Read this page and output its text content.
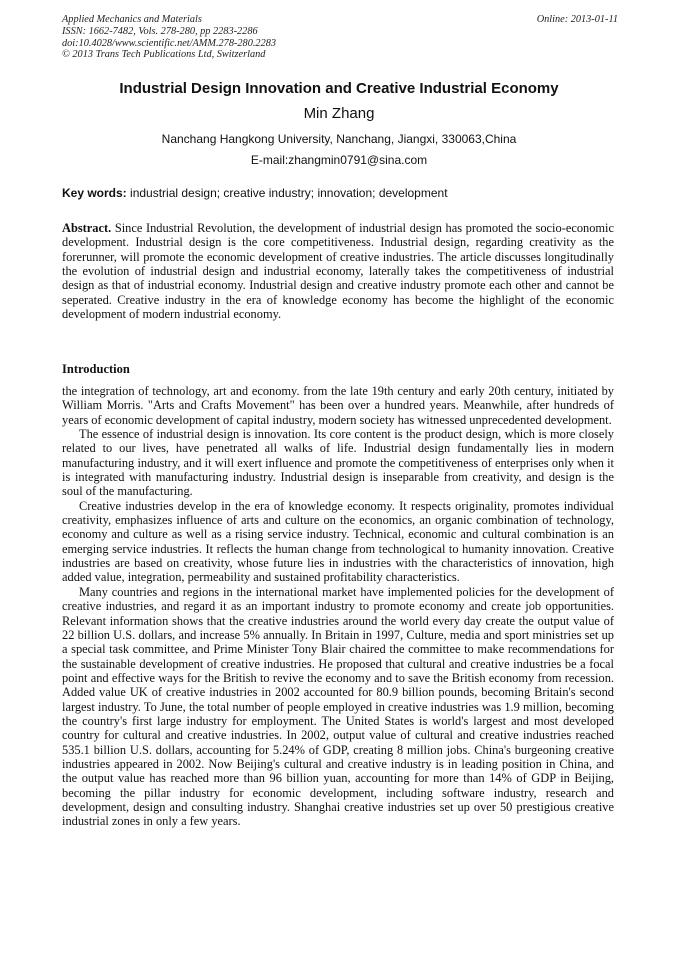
Applied Mechanics and Materials
ISSN: 1662-7482, Vols. 278-280, pp 2283-2286
doi:10.4028/www.scientific.net/AMM.278-280.2283
© 2013 Trans Tech Publications Ltd, Switzerland
Online: 2013-01-11
Industrial Design Innovation and Creative Industrial Economy
Min Zhang
Nanchang Hangkong University, Nanchang, Jiangxi, 330063,China
E-mail:zhangmin0791@sina.com
Key words: industrial design; creative industry; innovation; development
Abstract. Since Industrial Revolution, the development of industrial design has promoted the socio-economic development. Industrial design is the core competitiveness. Industrial design, regarding creativity as the forerunner, will promote the economic development of creative industries. The article discusses longitudinally the evolution of industrial design and industrial economy, laterally takes the competitiveness of industrial design as that of industrial economy. Industrial design and creative industry promote each other and cannot be seperated. Creative industry in the era of knowledge economy has become the highlight of the economic development of modern industrial economy.
Introduction

the integration of technology, art and economy. from the late 19th century and early 20th century, initiated by William Morris. "Arts and Crafts Movement" has been over a hundred years. Meanwhile, after hundreds of years of economic development of capital industry, modern society has witnessed unprecedented development.

The essence of industrial design is innovation. Its core content is the product design, which is more closely related to our lives, have penetrated all walks of life. Industrial design fundamentally lies in modern manufacturing industry, and it will exert influence and promote the competitiveness of enterprises only when it is integrated with manufacturing industry. Industrial design is inseparable from creativity, and design is the soul of the manufacturing.

Creative industries develop in the era of knowledge economy. It respects originality, promotes individual creativity, emphasizes influence of arts and culture on the economics, an organic combination of technology, economy and culture as well as a rising service industry. Technical, economic and cultural combination is an emerging service industries. It reflects the human change from technological to humanity innovation. Creative industries are based on creativity, whose future lies in industries with the characteristics of innovation, high added value, integration, permeability and sustained profitability characteristics.

Many countries and regions in the international market have implemented policies for the development of creative industries, and regard it as an important industry to promote economy and create job opportunities. Relevant information shows that the creative industries around the world every day create the output value of 22 billion U.S. dollars, and increase 5% annually. In Britain in 1997, Culture, media and sport ministries set up a special task committee, and Prime Minister Tony Blair chaired the committee to make recommendations for the sustainable development of creative industries. He proposed that cultural and creative industries be a focal point and effective ways for the British to revive the economy and to save the British economy from recession. Added value UK of creative industries in 2002 accounted for 80.9 billion pounds, becoming Britain's second largest industry. To June, the total number of people employed in creative industries was 1.9 million, becoming the country's first large industry for employment. The United States is world's largest and most developed country for cultural and creative industries. In 2002, output value of cultural and creative industries reached 535.1 billion U.S. dollars, accounting for 5.24% of GDP, creating 8 million jobs. China's burgeoning creative industries appeared in 2002. Now Beijing's cultural and creative industry is in leading position in China, and the output value has reached more than 96 billion yuan, accounting for more than 14% of GDP in Beijing, becoming the pillar industry for economic development, including software industry, research and development, design and consulting industry. Shanghai creative industries set up over 50 prestigious creative industrial zones in only a few years.
